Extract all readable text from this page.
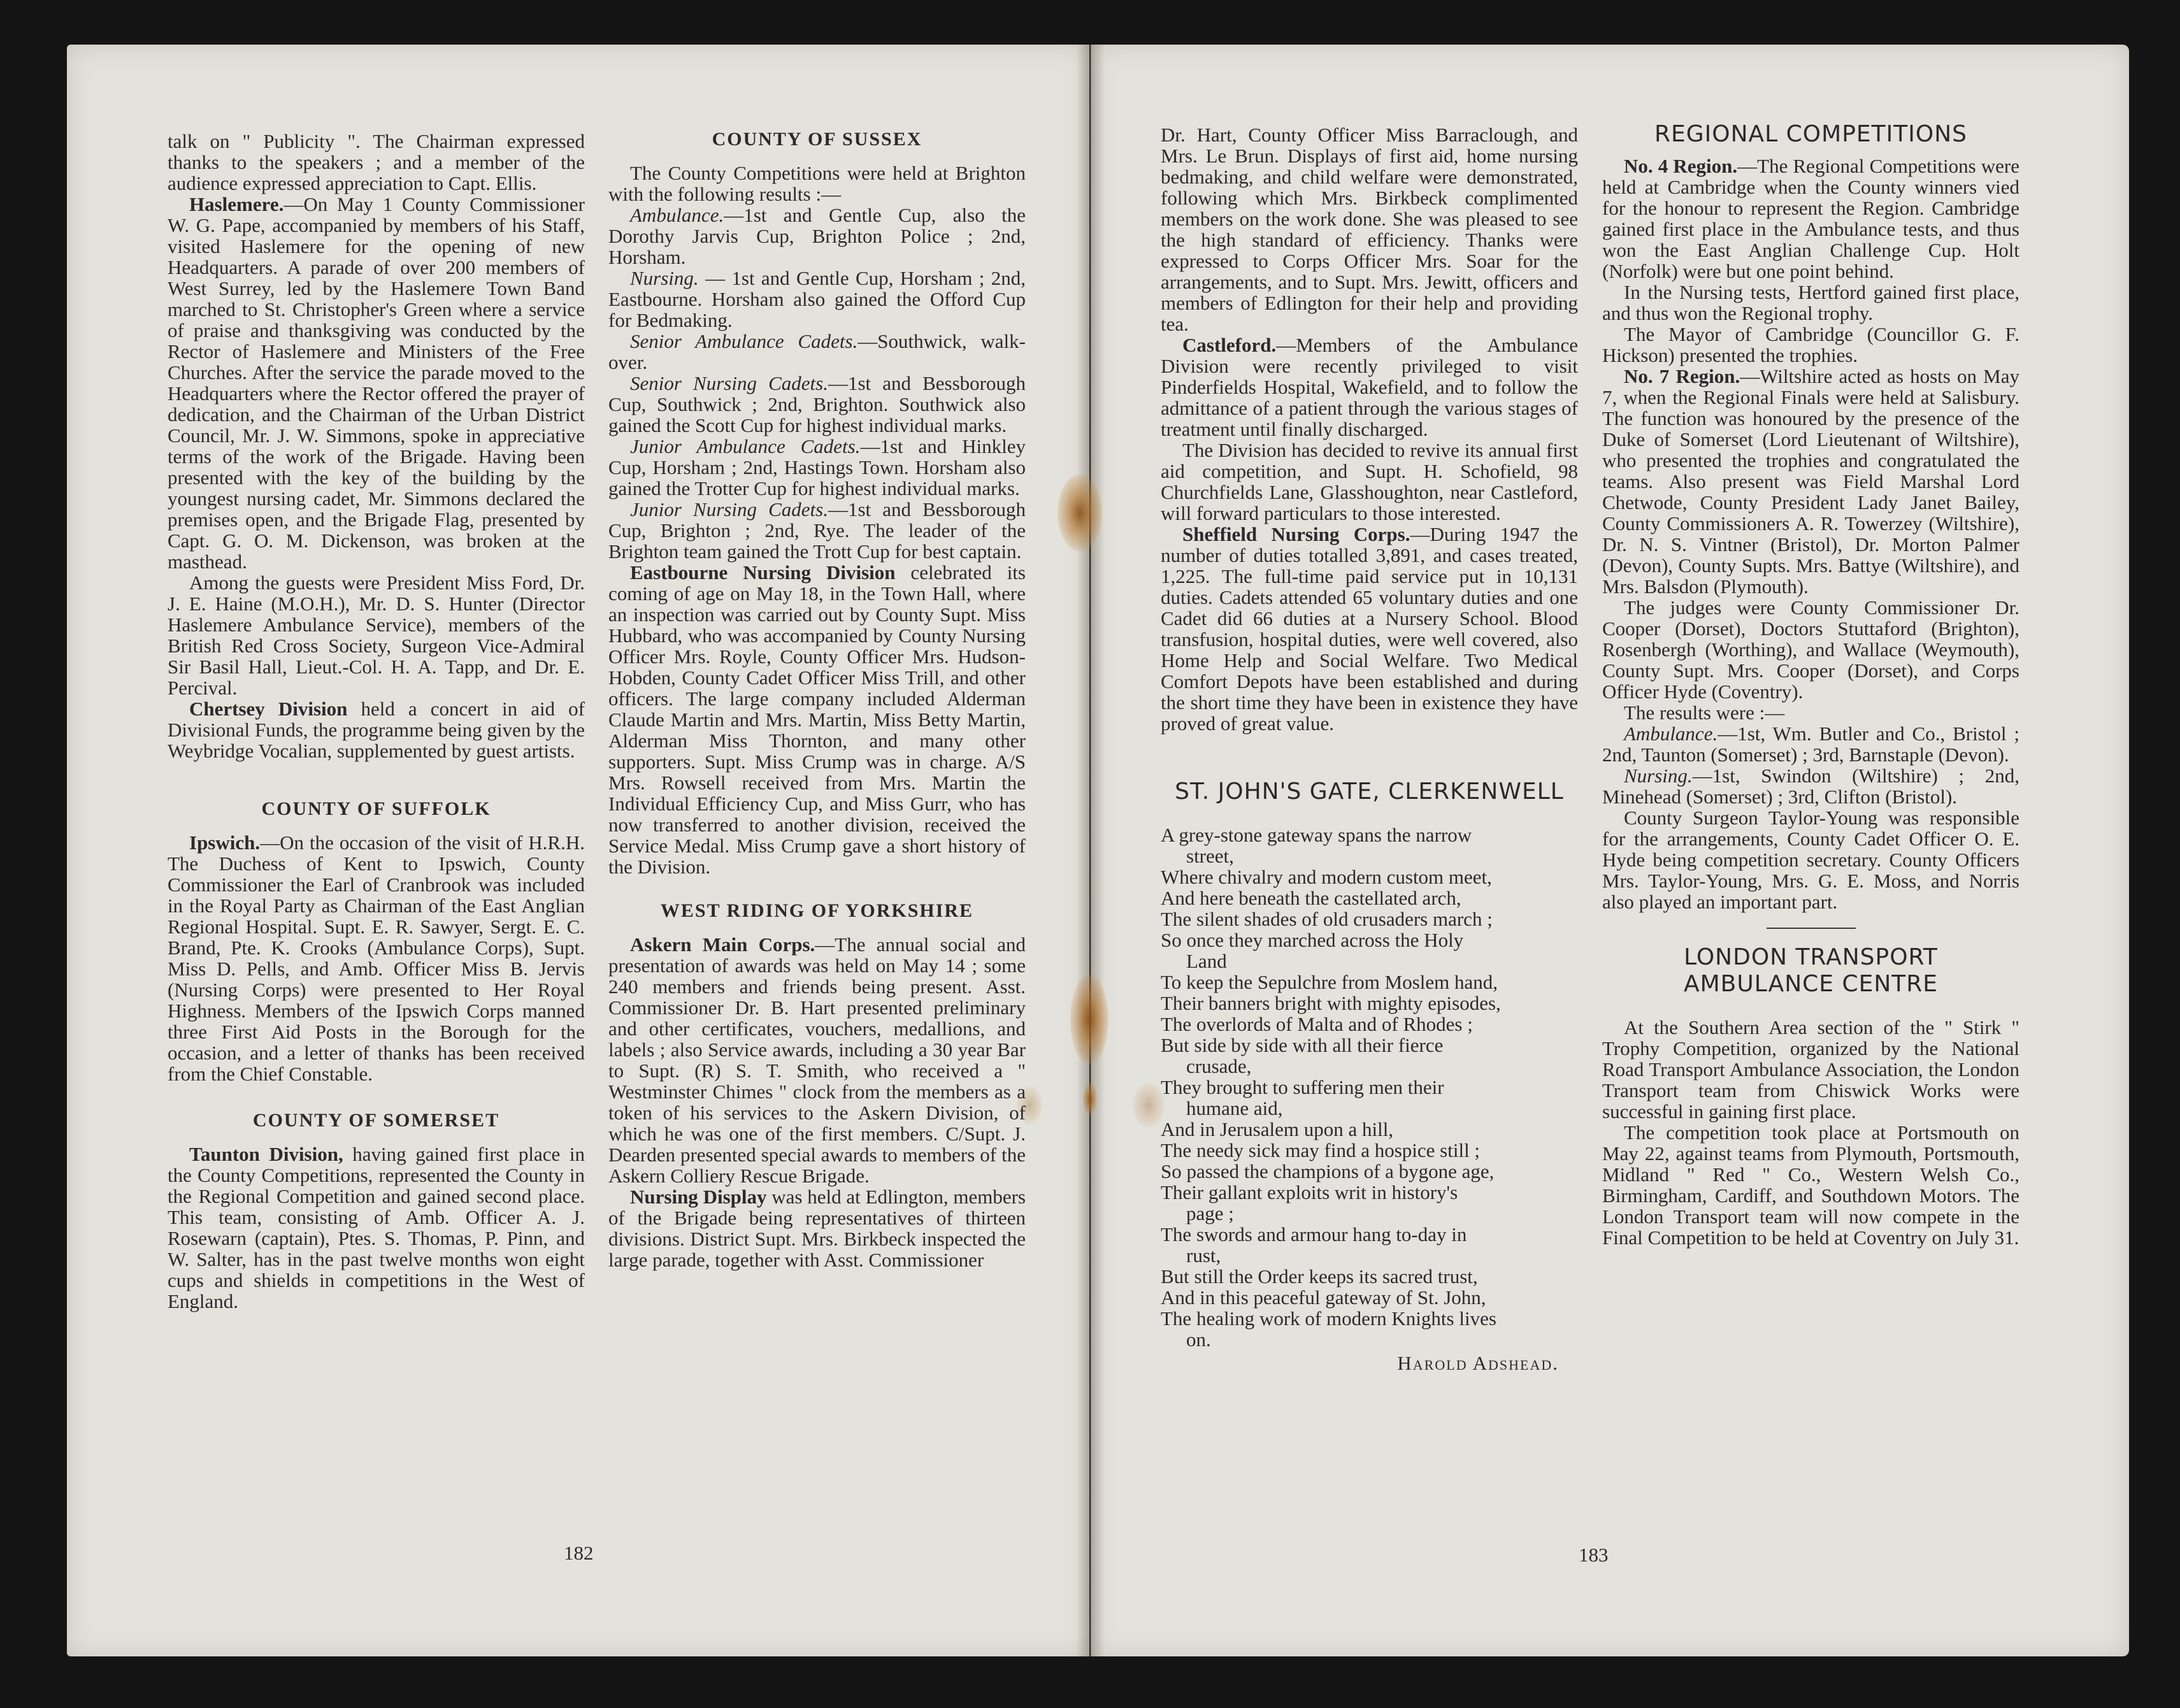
talk on " Publicity ". The Chairman expressed thanks to the speakers ; and a member of the audience expressed appreciation to Capt. Ellis.

Haslemere.—On May 1 County Commissioner W. G. Pape, accompanied by members of his Staff, visited Haslemere for the opening of new Headquarters. A parade of over 200 members of West Surrey, led by the Haslemere Town Band marched to St. Christopher's Green where a service of praise and thanksgiving was conducted by the Rector of Haslemere and Ministers of the Free Churches. After the service the parade moved to the Headquarters where the Rector offered the prayer of dedication, and the Chairman of the Urban District Council, Mr. J. W. Simmons, spoke in appreciative terms of the work of the Brigade. Having been presented with the key of the building by the youngest nursing cadet, Mr. Simmons declared the premises open, and the Brigade Flag, presented by Capt. G. O. M. Dickenson, was broken at the masthead.

Among the guests were President Miss Ford, Dr. J. E. Haine (M.O.H.), Mr. D. S. Hunter (Director Haslemere Ambulance Service), members of the British Red Cross Society, Surgeon Vice-Admiral Sir Basil Hall, Lieut.-Col. H. A. Tapp, and Dr. E. Percival.

Chertsey Division held a concert in aid of Divisional Funds, the programme being given by the Weybridge Vocalian, supplemented by guest artists.

COUNTY OF SUFFOLK

Ipswich.—On the occasion of the visit of H.R.H. The Duchess of Kent to Ipswich, County Commissioner the Earl of Cranbrook was included in the Royal Party as Chairman of the East Anglian Regional Hospital. Supt. E. R. Sawyer, Sergt. E. C. Brand, Pte. K. Crooks (Ambulance Corps), Supt. Miss D. Pells, and Amb. Officer Miss B. Jervis (Nursing Corps) were presented to Her Royal Highness. Members of the Ipswich Corps manned three First Aid Posts in the Borough for the occasion, and a letter of thanks has been received from the Chief Constable.

COUNTY OF SOMERSET

Taunton Division, having gained first place in the County Competitions, represented the County in the Regional Competition and gained second place. This team, consisting of Amb. Officer A. J. Rosewarn (captain), Ptes. S. Thomas, P. Pinn, and W. Salter, has in the past twelve months won eight cups and shields in competitions in the West of England.

COUNTY OF SUSSEX

The County Competitions were held at Brighton with the following results :—

Ambulance.—1st and Gentle Cup, also the Dorothy Jarvis Cup, Brighton Police ; 2nd, Horsham.

Nursing. — 1st and Gentle Cup, Horsham ; 2nd, Eastbourne. Horsham also gained the Offord Cup for Bedmaking.

Senior Ambulance Cadets.—Southwick, walk-over.

Senior Nursing Cadets.—1st and Bessborough Cup, Southwick ; 2nd, Brighton. Southwick also gained the Scott Cup for highest individual marks.

Junior Ambulance Cadets.—1st and Hinkley Cup, Horsham ; 2nd, Hastings Town. Horsham also gained the Trotter Cup for highest individual marks.

Junior Nursing Cadets.—1st and Bessborough Cup, Brighton ; 2nd, Rye. The leader of the Brighton team gained the Trott Cup for best captain.

Eastbourne Nursing Division celebrated its coming of age on May 18, in the Town Hall, where an inspection was carried out by County Supt. Miss Hubbard, who was accompanied by County Nursing Officer Mrs. Royle, County Officer Mrs. Hudson-Hobden, County Cadet Officer Miss Trill, and other officers. The large company included Alderman Claude Martin and Mrs. Martin, Miss Betty Martin, Alderman Miss Thornton, and many other supporters. Supt. Miss Crump was in charge. A/S Mrs. Rowsell received from Mrs. Martin the Individual Efficiency Cup, and Miss Gurr, who has now transferred to another division, received the Service Medal. Miss Crump gave a short history of the Division.

WEST RIDING OF YORKSHIRE

Askern Main Corps.—The annual social and presentation of awards was held on May 14 ; some 240 members and friends being present. Asst. Commissioner Dr. B. Hart presented preliminary and other certificates, vouchers, medallions, and labels ; also Service awards, including a 30 year Bar to Supt. (R) S. T. Smith, who received a " Westminster Chimes " clock from the members as a token of his services to the Askern Division, of which he was one of the first members. C/Supt. J. Dearden presented special awards to members of the Askern Colliery Rescue Brigade.

Nursing Display was held at Edlington, members of the Brigade being representatives of thirteen divisions. District Supt. Mrs. Birkbeck inspected the large parade, together with Asst. Commissioner

182

Dr. Hart, County Officer Miss Barraclough, and Mrs. Le Brun. Displays of first aid, home nursing bedmaking, and child welfare were demonstrated, following which Mrs. Birkbeck complimented members on the work done. She was pleased to see the high standard of efficiency. Thanks were expressed to Corps Officer Mrs. Soar for the arrangements, and to Supt. Mrs. Jewitt, officers and members of Edlington for their help and providing tea.

Castleford.—Members of the Ambulance Division were recently privileged to visit Pinderfields Hospital, Wakefield, and to follow the admittance of a patient through the various stages of treatment until finally discharged.

The Division has decided to revive its annual first aid competition, and Supt. H. Schofield, 98 Churchfields Lane, Glasshoughton, near Castleford, will forward particulars to those interested.

Sheffield Nursing Corps.—During 1947 the number of duties totalled 3,891, and cases treated, 1,225. The full-time paid service put in 10,131 duties. Cadets attended 65 voluntary duties and one Cadet did 66 duties at a Nursery School. Blood transfusion, hospital duties, were well covered, also Home Help and Social Welfare. Two Medical Comfort Depots have been established and during the short time they have been in existence they have proved of great value.

ST. JOHN'S GATE, CLERKENWELL
A grey-stone gateway spans the narrow
street,
Where chivalry and modern custom meet,
And here beneath the castellated arch,
The silent shades of old crusaders march ;
So once they marched across the Holy
Land
To keep the Sepulchre from Moslem hand,
Their banners bright with mighty episodes,
The overlords of Malta and of Rhodes ;
But side by side with all their fierce
crusade,
They brought to suffering men their
humane aid,
And in Jerusalem upon a hill,
The needy sick may find a hospice still ;
So passed the champions of a bygone age,
Their gallant exploits writ in history's
page ;
The swords and armour hang to-day in
rust,
But still the Order keeps its sacred trust,
And in this peaceful gateway of St. John,
The healing work of modern Knights lives
on.
Harold Adshead.
REGIONAL COMPETITIONS

No. 4 Region.—The Regional Competitions were held at Cambridge when the County winners vied for the honour to represent the Region. Cambridge gained first place in the Ambulance tests, and thus won the East Anglian Challenge Cup. Holt (Norfolk) were but one point behind.

In the Nursing tests, Hertford gained first place, and thus won the Regional trophy.

The Mayor of Cambridge (Councillor G. F. Hickson) presented the trophies.

No. 7 Region.—Wiltshire acted as hosts on May 7, when the Regional Finals were held at Salisbury. The function was honoured by the presence of the Duke of Somerset (Lord Lieutenant of Wiltshire), who presented the trophies and congratulated the teams. Also present was Field Marshal Lord Chetwode, County President Lady Janet Bailey, County Commissioners A. R. Towerzey (Wiltshire), Dr. N. S. Vintner (Bristol), Dr. Morton Palmer (Devon), County Supts. Mrs. Battye (Wiltshire), and Mrs. Balsdon (Plymouth).

The judges were County Commissioner Dr. Cooper (Dorset), Doctors Stuttaford (Brighton), Rosenbergh (Worthing), and Wallace (Weymouth), County Supt. Mrs. Cooper (Dorset), and Corps Officer Hyde (Coventry).

The results were :—

Ambulance.—1st, Wm. Butler and Co., Bristol ; 2nd, Taunton (Somerset) ; 3rd, Barnstaple (Devon).

Nursing.—1st, Swindon (Wiltshire) ; 2nd, Minehead (Somerset) ; 3rd, Clifton (Bristol).

County Surgeon Taylor-Young was responsible for the arrangements, County Cadet Officer O. E. Hyde being competition secretary. County Officers Mrs. Taylor-Young, Mrs. G. E. Moss, and Norris also played an important part.

LONDON TRANSPORT
AMBULANCE CENTRE

At the Southern Area section of the " Stirk " Trophy Competition, organized by the National Road Transport Ambulance Association, the London Transport team from Chiswick Works were successful in gaining first place.

The competition took place at Portsmouth on May 22, against teams from Plymouth, Portsmouth, Midland " Red " Co., Western Welsh Co., Birmingham, Cardiff, and Southdown Motors. The London Transport team will now compete in the Final Competition to be held at Coventry on July 31.

183
